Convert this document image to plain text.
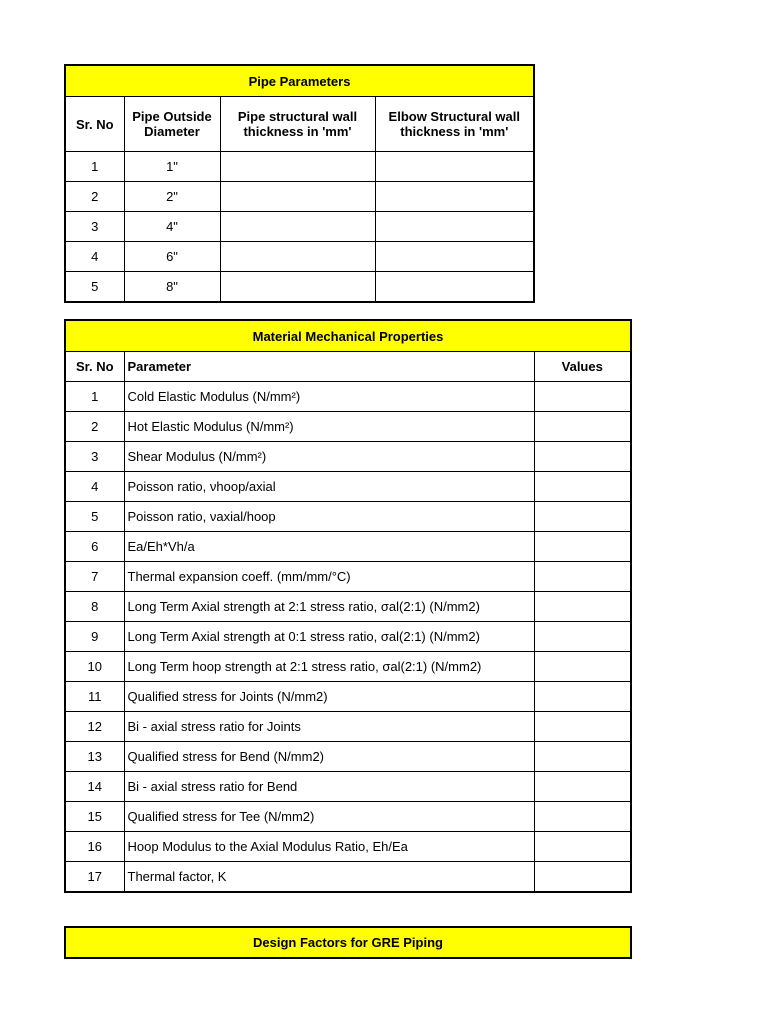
Pipe Parameters			
Sr. No	Pipe Outside Diameter	Pipe structural wall thickness in 'mm'	Elbow Structural wall thickness in 'mm'
1	1"		
2	2"		
3	4"		
4	6"		
5	8"		
Material Mechanical Properties		
Sr. No	Parameter	Values
1	Cold Elastic Modulus (N/mm²)	
2	Hot Elastic Modulus (N/mm²)	
3	Shear Modulus (N/mm²)	
4	Poisson ratio, νhoop/axial	
5	Poisson ratio, νaxial/hoop	
6	Ea/Eh*Vh/a	
7	Thermal expansion coeff. (mm/mm/°C)	
8	Long Term Axial strength at 2:1 stress ratio, σal(2:1) (N/mm2)	
9	Long Term Axial strength at 0:1 stress ratio, σal(2:1) (N/mm2)	
10	Long Term hoop strength at 2:1 stress ratio, σal(2:1) (N/mm2)	
11	Qualified stress for Joints (N/mm2)	
12	Bi - axial stress ratio for Joints	
13	Qualified stress for Bend (N/mm2)	
14	Bi - axial stress ratio for Bend	
15	Qualified stress for Tee (N/mm2)	
16	Hoop Modulus to the Axial Modulus Ratio, Eh/Ea	
17	Thermal factor, K	
Design Factors for GRE Piping
